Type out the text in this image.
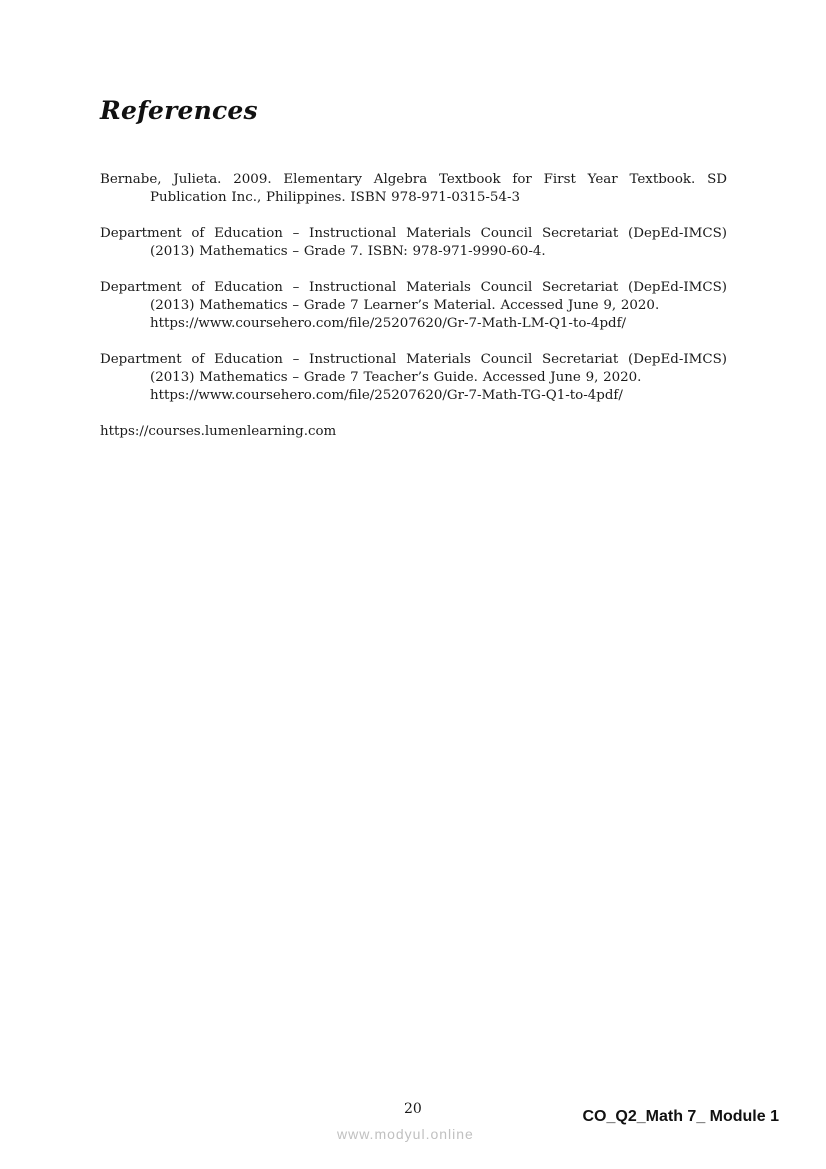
References
Bernabe, Julieta. 2009. Elementary Algebra Textbook for First Year Textbook. SD Publication Inc., Philippines. ISBN 978-971-0315-54-3
Department of Education – Instructional Materials Council Secretariat (DepEd-IMCS) (2013) Mathematics – Grade 7. ISBN: 978-971-9990-60-4.
Department of Education – Instructional Materials Council Secretariat (DepEd-IMCS) (2013) Mathematics – Grade 7 Learner’s Material. Accessed June 9, 2020.
https://www.coursehero.com/file/25207620/Gr-7-Math-LM-Q1-to-4pdf/
Department of Education – Instructional Materials Council Secretariat (DepEd-IMCS) (2013) Mathematics – Grade 7 Teacher’s Guide. Accessed June 9, 2020.
https://www.coursehero.com/file/25207620/Gr-7-Math-TG-Q1-to-4pdf/
https://courses.lumenlearning.com
20	CO_Q2_Math 7_ Module 1
www.modyul.online
